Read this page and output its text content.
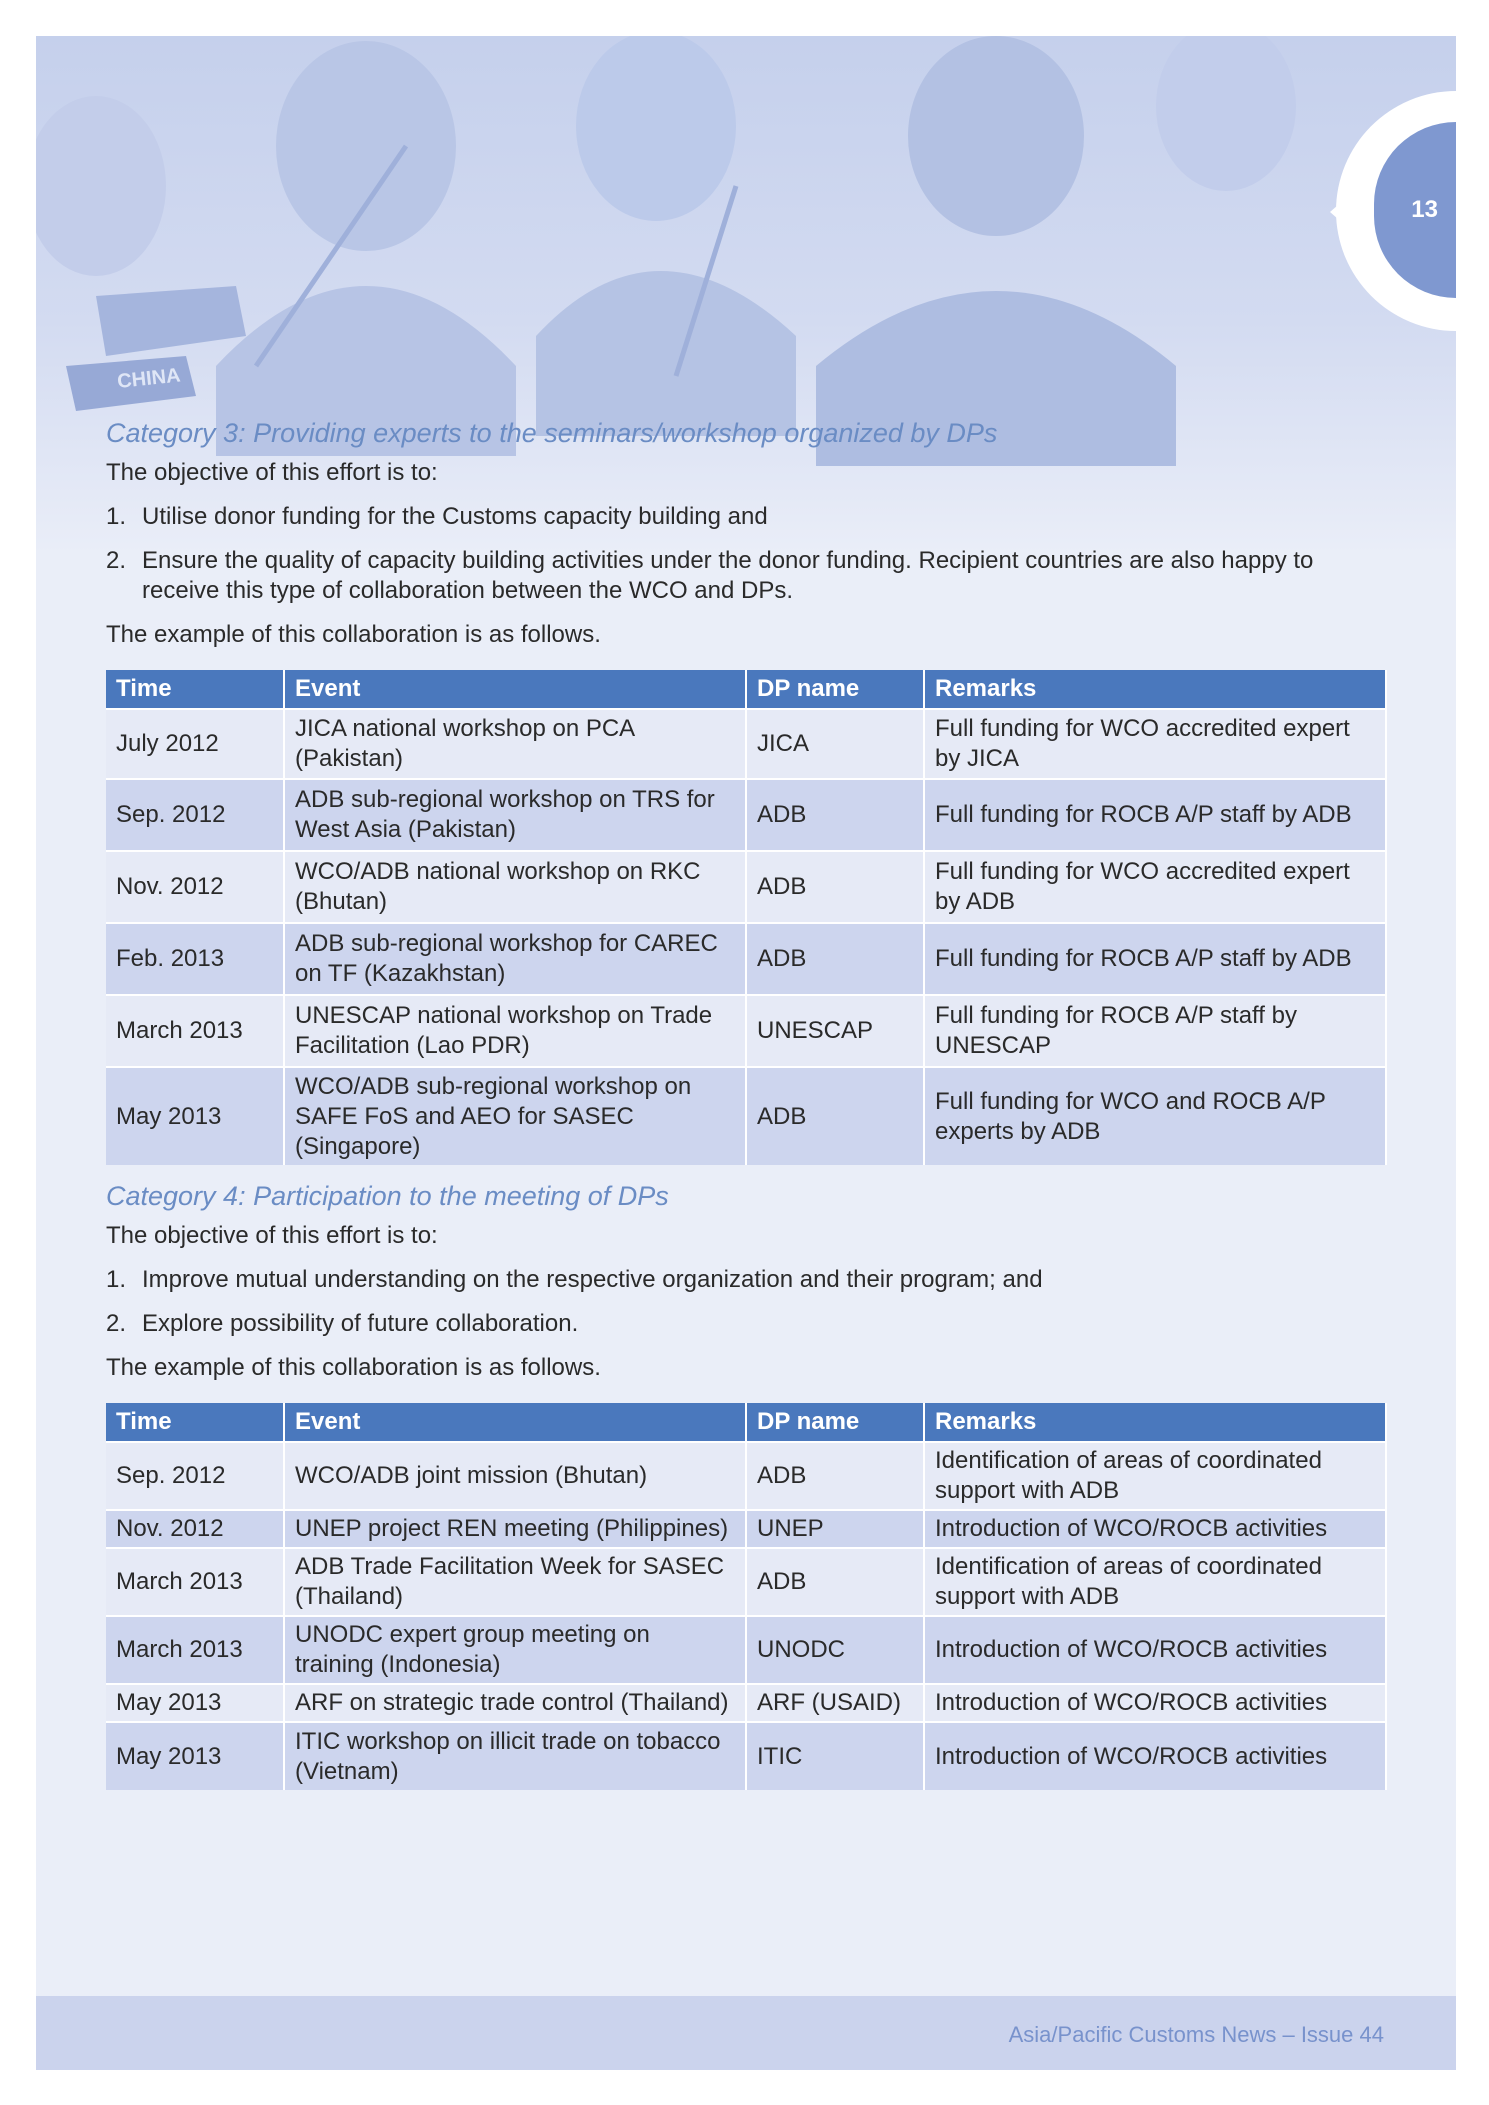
CHINA
13
Category 3: Providing experts to the seminars/workshop organized by DPs

The objective of this effort is to:

1. Utilise donor funding for the Customs capacity building and
2. Ensure the quality of capacity building activities under the donor funding. Recipient countries are also happy to receive this type of collaboration between the WCO and DPs.

The example of this collaboration is as follows.

Time	Event	DP name	Remarks
July 2012	JICA national workshop on PCA (Pakistan)	JICA	Full funding for WCO accredited expert by JICA
Sep. 2012	ADB sub-regional workshop on TRS for West Asia (Pakistan)	ADB	Full funding for ROCB A/P staff by ADB
Nov. 2012	WCO/ADB national workshop on RKC (Bhutan)	ADB	Full funding for WCO accredited expert by ADB
Feb. 2013	ADB sub-regional workshop for CAREC on TF (Kazakhstan)	ADB	Full funding for ROCB A/P staff by ADB
March 2013	UNESCAP national workshop on Trade Facilitation (Lao PDR)	UNESCAP	Full funding for ROCB A/P staff by UNESCAP
May 2013	WCO/ADB sub-regional workshop on SAFE FoS and AEO for SASEC (Singapore)	ADB	Full funding for WCO and ROCB A/P experts by ADB
Category 4: Participation to the meeting of DPs

The objective of this effort is to:

1. Improve mutual understanding on the respective organization and their program; and
2. Explore possibility of future collaboration.

The example of this collaboration is as follows.

Time	Event	DP name	Remarks
Sep. 2012	WCO/ADB joint mission (Bhutan)	ADB	Identification of areas of coordinated support with ADB
Nov. 2012	UNEP project REN meeting (Philippines)	UNEP	Introduction of WCO/ROCB activities
March 2013	ADB Trade Facilitation Week for SASEC (Thailand)	ADB	Identification of areas of coordinated support with ADB
March 2013	UNODC expert group meeting on training (Indonesia)	UNODC	Introduction of WCO/ROCB activities
May 2013	ARF on strategic trade control (Thailand)	ARF (USAID)	Introduction of WCO/ROCB activities
May 2013	ITIC workshop on illicit trade on tobacco (Vietnam)	ITIC	Introduction of WCO/ROCB activities
Asia/Pacific Customs News – Issue 44
